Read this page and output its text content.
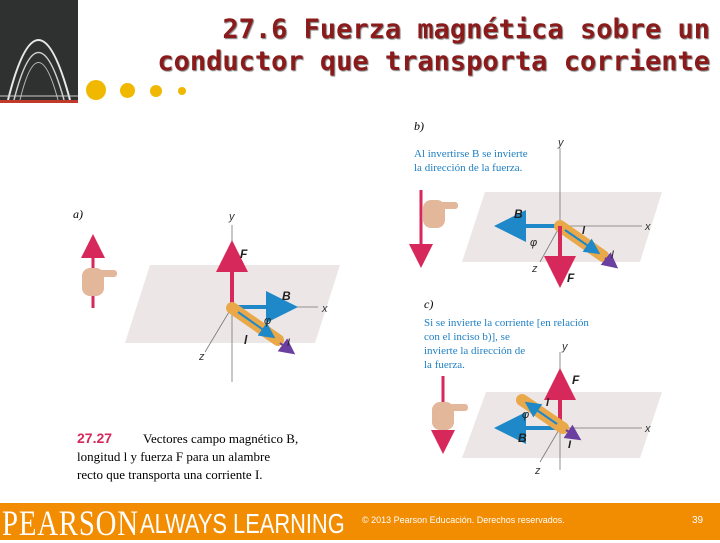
27.6 Fuerza magnética sobre un
conductor que transporta corriente
a)	y
x
z
F
B
l
φ
I
b)
Al invertirse B se invierte
la dirección de la fuerza.
y
x
z
B
l
φ
I
F
c)
Si se invierte la corriente [en relación
con el inciso b)], se
invierte la dirección de
la fuerza.
y
x
z
F
B
l
φ
I
27.27 Vectores campo magnético B,
longitud l y fuerza F para un alambre
recto que transporta una corriente I.
PEARSON ALWAYS LEARNING © 2013 Pearson Educación. Derechos reservados.	39
